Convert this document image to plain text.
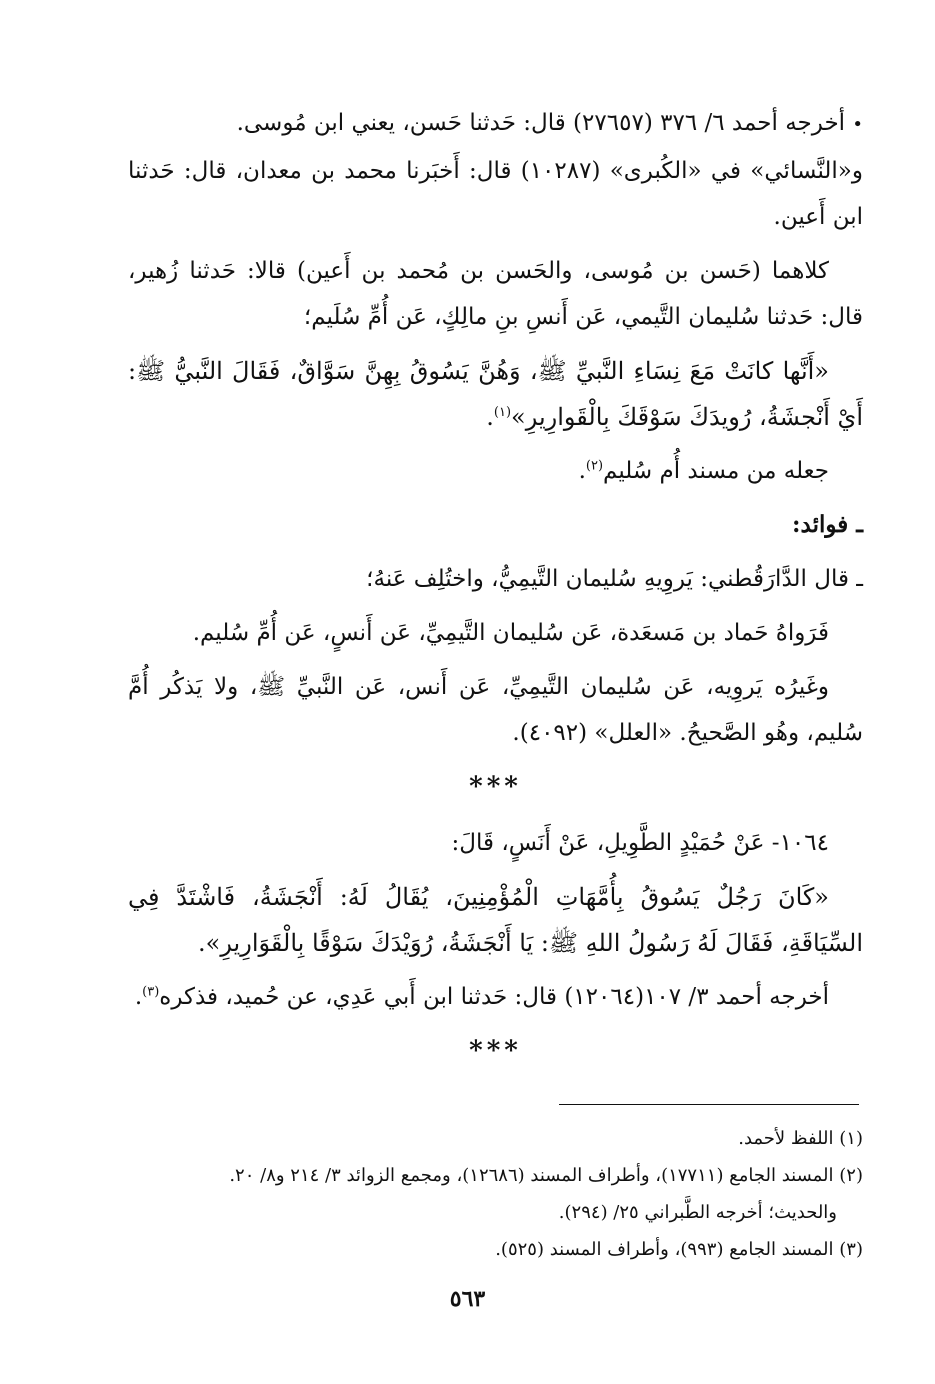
• أخرجه أحمد ٦/ ٣٧٦ (٢٧٦٥٧) قال: حَدثنا حَسن، يعني ابن مُوسى.
و«النَّسائي» في «الكُبرى» (١٠٢٨٧) قال: أَخبَرنا محمد بن معدان، قال: حَدثنا ابن أَعين.

كلاهما (حَسن بن مُوسى، والحَسن بن مُحمد بن أَعين) قالا: حَدثنا زُهير، قال: حَدثنا سُليمان التَّيمي، عَن أَنسِ بنِ مالِكٍ، عَن أُمِّ سُلَيم؛

«أَنَّها كانَتْ مَعَ نِسَاءِ النَّبيِّ ﷺ، وَهُنَّ يَسُوقُ بِهِنَّ سَوَّاقٌ، فَقَالَ النَّبيُّ ﷺ: أَيْ أَنْجشَةُ، رُويدَكَ سَوْقَكَ بِالْقَوارِيرِ»$^{(١)}$.

جعله من مسند أُم سُليم$^{(٢)}$.

ـ فوائد:

ـ قال الدَّارَقُطني: يَروِيهِ سُليمان التَّيمِيُّ، واختُلِف عَنهُ؛

فَرَواهُ حَماد بن مَسعَدة، عَن سُليمان التَّيمِيِّ، عَن أَنسٍ، عَن أُمِّ سُليم.

وغَيرُه يَروِيه، عَن سُليمان التَّيمِيِّ، عَن أَنس، عَن النَّبيِّ ﷺ، ولا يَذكُر أُمَّ سُليم، وهُو الصَّحيحُ. «العلل» (٤٠٩٢).

***

١٠٦٤- عَنْ حُمَيْدٍ الطَّوِيلِ، عَنْ أَنَسٍ، قَالَ:

«كَانَ رَجُلٌ يَسُوقُ بِأُمَّهَاتِ الْمُؤْمِنِينَ، يُقَالُ لَهُ: أَنْجَشَةُ، فَاشْتَدَّ فِي السِّيَاقَةِ، فَقَالَ لَهُ رَسُولُ اللهِ ﷺ: يَا أَنْجَشَةُ، رُوَيْدَكَ سَوْقًا بِالْقَوَارِيرِ».

أخرجه أحمد ٣/ ١٠٧(١٢٠٦٤) قال: حَدثنا ابن أَبي عَدِي، عن حُميد، فذكره$^{(٣)}$.

***

(١) اللفظ لأحمد.

(٢) المسند الجامع (١٧٧١١)، وأطراف المسند (١٢٦٨٦)، ومجمع الزوائد ٣/ ٢١٤ و٨/ ٢٠.

والحديث؛ أخرجه الطَّبراني ٢٥/ (٢٩٤).

(٣) المسند الجامع (٩٩٣)، وأطراف المسند (٥٢٥).

٥٦٣
